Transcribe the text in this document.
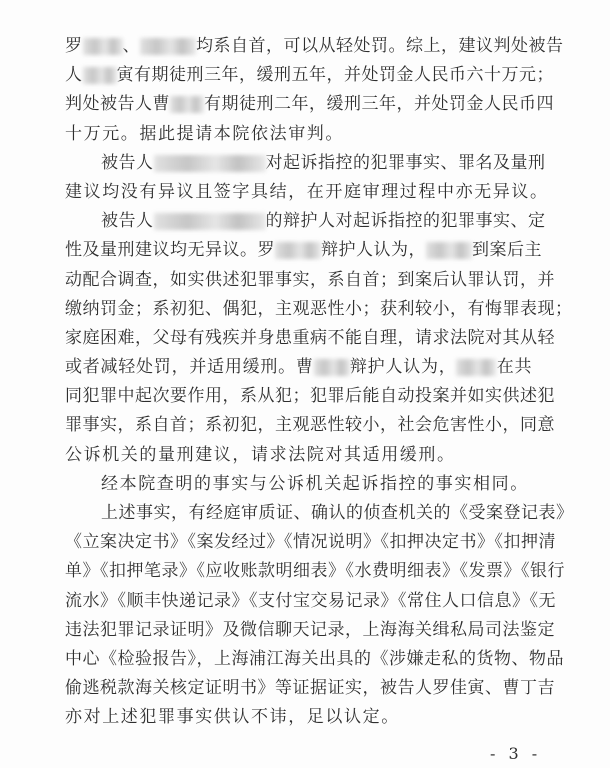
罗 、	均系自首，可以从轻处罚。综上，建议判处被告
人 寅有期徒刑三年，缓刑五年，并处罚金人民币六十万元；
判处被告人曹 有期徒刑二年，缓刑三年，并处罚金人民币四
十万元。据此提请本院依法审判。
被告人	对起诉指控的犯罪事实、罪名及量刑
建议均没有异议且签字具结，在开庭审理过程中亦无异议。
被告人	的辩护人对起诉指控的犯罪事实、定
性及量刑建议均无异议。罗	辩护人认为，	到案后主
动配合调查，如实供述犯罪事实，系自首；到案后认罪认罚，并
缴纳罚金；系初犯、偶犯，主观恶性小；获利较小，有悔罪表现；
家庭困难，父母有残疾并身患重病不能自理，请求法院对其从轻
或者减轻处罚，并适用缓刑。曹 辩护人认为， 在共
同犯罪中起次要作用，系从犯；犯罪后能自动投案并如实供述犯
罪事实，系自首；系初犯，主观恶性较小，社会危害性小，同意
公诉机关的量刑建议，请求法院对其适用缓刑。
经本院查明的事实与公诉机关起诉指控的事实相同。
上述事实，有经庭审质证、确认的侦查机关的《受案登记表》
《立案决定书》《案发经过》《情况说明》《扣押决定书》《扣押清
单》《扣押笔录》《应收账款明细表》《水费明细表》《发票》《银行
流水》《顺丰快递记录》《支付宝交易记录》《常住人口信息》《无
违法犯罪记录证明》及微信聊天记录，上海海关缉私局司法鉴定
中心《检验报告》，上海浦江海关出具的《涉嫌走私的货物、物品
偷逃税款海关核定证明书》等证据证实，被告人罗佳寅、曹丁吉
亦对上述犯罪事实供认不讳，足以认定。
- 3 -
